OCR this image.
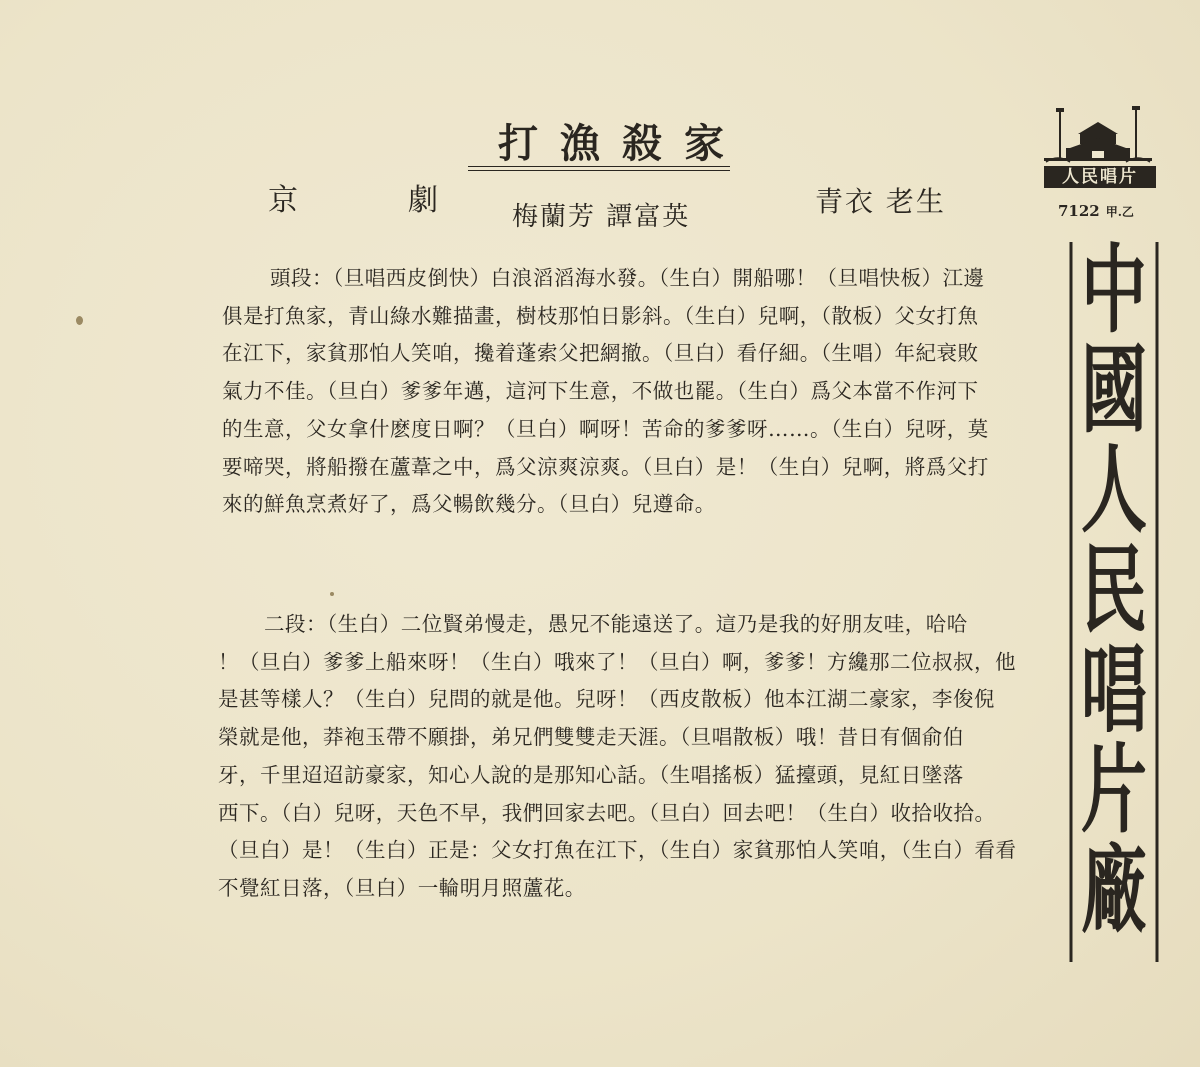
打漁殺家
京　劇 梅蘭芳 譚富英	青衣 老生
頭段：（旦唱西皮倒快）白浪滔滔海水發。（生白）開船哪！（旦唱快板）江邊
俱是打魚家，青山綠水難描畫，樹枝那怕日影斜。（生白）兒啊，（散板）父女打魚
在江下，家貧那怕人笑咱，攙着蓬索父把網撤。（旦白）看仔細。（生唱）年紀衰敗
氣力不佳。（旦白）爹爹年邁，這河下生意，不做也罷。（生白）爲父本當不作河下
的生意，父女拿什麽度日啊？（旦白）啊呀！苦命的爹爹呀……。（生白）兒呀，莫
要啼哭，將船撥在蘆葦之中，爲父涼爽涼爽。（旦白）是！（生白）兒啊，將爲父打
來的鮮魚烹煮好了，爲父暢飲幾分。（旦白）兒遵命。
二段：（生白）二位賢弟慢走，愚兄不能遠送了。這乃是我的好朋友哇，哈哈
！（旦白）爹爹上船來呀！（生白）哦來了！（旦白）啊，爹爹！方纔那二位叔叔，他
是甚等樣人？（生白）兒問的就是他。兒呀！（西皮散板）他本江湖二豪家，李俊倪
榮就是他，莽袍玉帶不願掛，弟兄們雙雙走天涯。（旦唱散板）哦！昔日有個俞伯
牙，千里迢迢訪豪家，知心人說的是那知心話。（生唱搖板）猛擡頭，見紅日墜落
西下。（白）兒呀，天色不早，我們回家去吧。（旦白）回去吧！（生白）收拾收拾。
（旦白）是！（生白）正是：父女打魚在江下，（生白）家貧那怕人笑咱，（生白）看看
不覺紅日落，（旦白）一輪明月照蘆花。
人民唱片
7122 甲.乙
中
國
人
民
唱
片
廠
